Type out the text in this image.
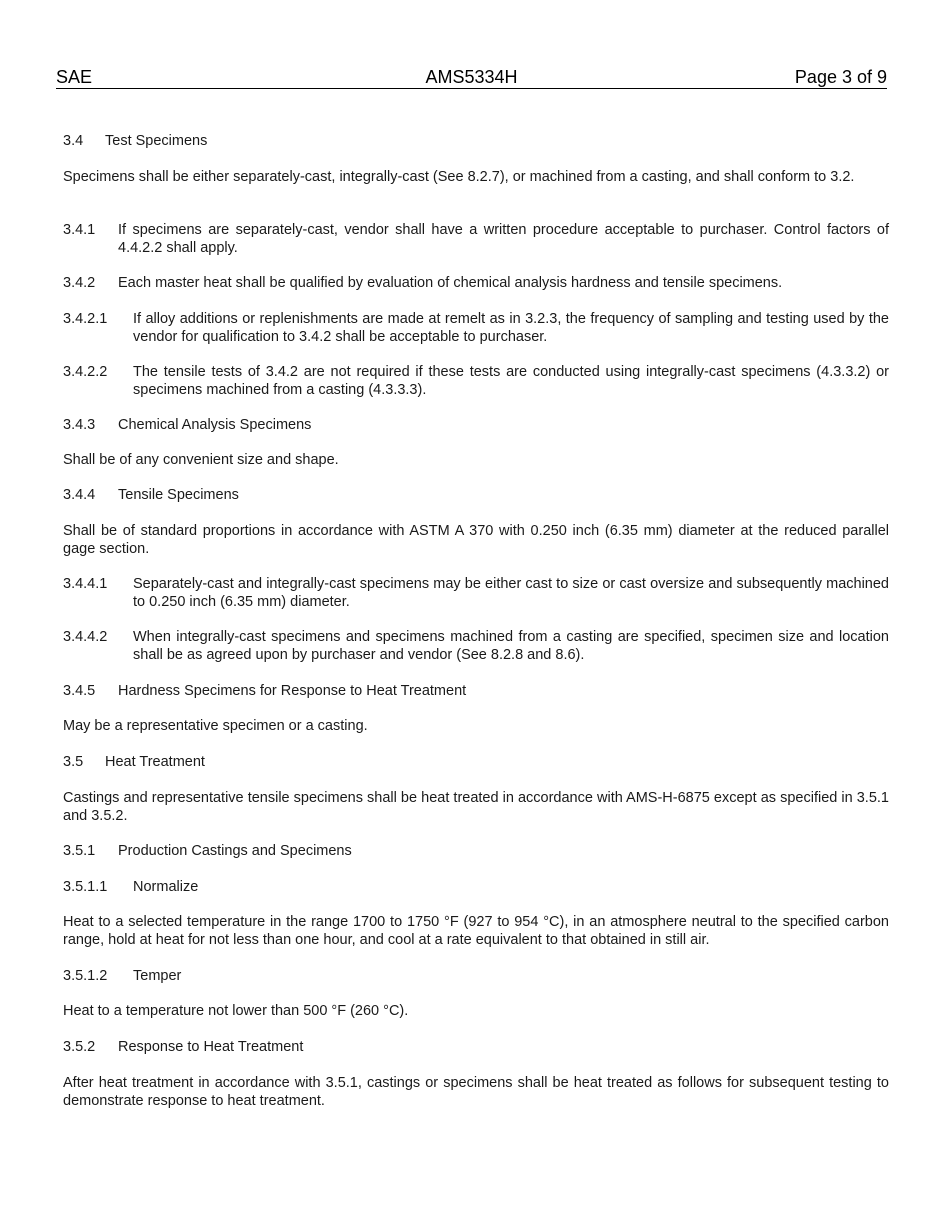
SAE	AMS5334H	Page 3 of 9
3.4	Test Specimens
Specimens shall be either separately-cast, integrally-cast (See 8.2.7), or machined from a casting, and shall conform to 3.2.
3.4.1	If specimens are separately-cast, vendor shall have a written procedure acceptable to purchaser. Control factors of 4.4.2.2 shall apply.
3.4.2	Each master heat shall be qualified by evaluation of chemical analysis hardness and tensile specimens.
3.4.2.1	If alloy additions or replenishments are made at remelt as in 3.2.3, the frequency of sampling and testing used by the vendor for qualification to 3.4.2 shall be acceptable to purchaser.
3.4.2.2	The tensile tests of 3.4.2 are not required if these tests are conducted using integrally-cast specimens (4.3.3.2) or specimens machined from a casting (4.3.3.3).
3.4.3	Chemical Analysis Specimens
Shall be of any convenient size and shape.
3.4.4	Tensile Specimens
Shall be of standard proportions in accordance with ASTM A 370 with 0.250 inch (6.35 mm) diameter at the reduced parallel gage section.
3.4.4.1	Separately-cast and integrally-cast specimens may be either cast to size or cast oversize and subsequently machined to 0.250 inch (6.35 mm) diameter.
3.4.4.2	When integrally-cast specimens and specimens machined from a casting are specified, specimen size and location shall be as agreed upon by purchaser and vendor (See 8.2.8 and 8.6).
3.4.5	Hardness Specimens for Response to Heat Treatment
May be a representative specimen or a casting.
3.5	Heat Treatment
Castings and representative tensile specimens shall be heat treated in accordance with AMS-H-6875 except as specified in 3.5.1 and 3.5.2.
3.5.1	Production Castings and Specimens
3.5.1.1	Normalize
Heat to a selected temperature in the range 1700 to 1750 °F (927 to 954 °C), in an atmosphere neutral to the specified carbon range, hold at heat for not less than one hour, and cool at a rate equivalent to that obtained in still air.
3.5.1.2	Temper
Heat to a temperature not lower than 500 °F (260 °C).
3.5.2	Response to Heat Treatment
After heat treatment in accordance with 3.5.1, castings or specimens shall be heat treated as follows for subsequent testing to demonstrate response to heat treatment.
